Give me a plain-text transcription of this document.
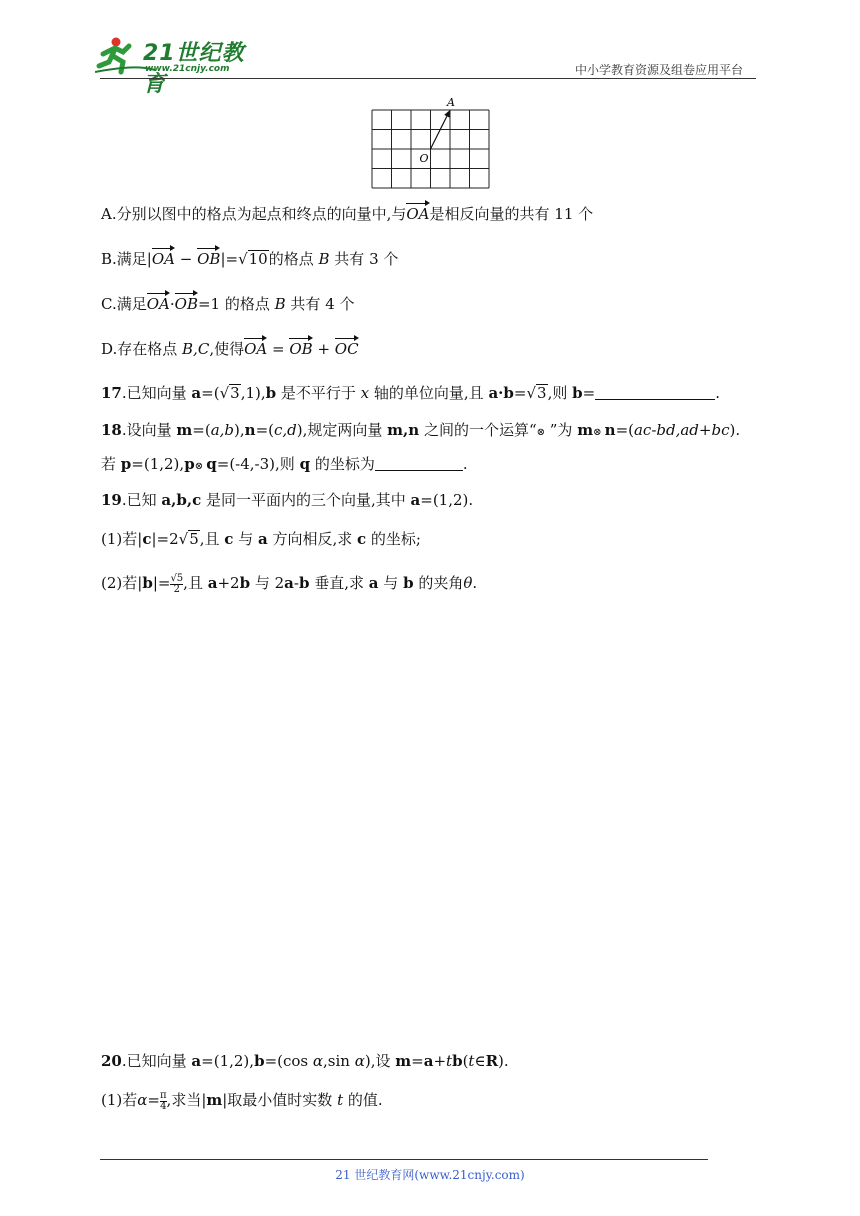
21世纪教育
www.21cnjy.com	中小学教育资源及组卷应用平台
A
O
A.分别以图中的格点为起点和终点的向量中,与OA是相反向量的共有 11 个
B.满足|OA − OB|=√10的格点 B 共有 3 个
C.满足OA·OB=1 的格点 B 共有 4 个
D.存在格点 B,C,使得OA = OB + OC
17.已知向量 a=(√3,1),b 是不平行于 x 轴的单位向量,且 a·b=√3,则 b=	.
18.设向量 m=(a,b),n=(c,d),规定两向量 m,n 之间的一个运算“⊗ ”为 m⊗ n=(ac-bd,ad+bc).
若 p=(1,2),p⊗ q=(-4,-3),则 q 的坐标为	.
19.已知 a,b,c 是同一平面内的三个向量,其中 a=(1,2).
(1)若|c|=2√5,且 c 与 a 方向相反,求 c 的坐标;
(2)若$|b|= \frac{√5}{2}$ ,且 a+2b 与 2a-b 垂直,求 a 与 b 的夹角θ.
20.已知向量 a=(1,2),b=(cos α,sin α),设 m=a+tb(t∈R).
(1)若$\alpha= \frac{\pi}{4}$ ,求当|m|取最小值时实数 t 的值.
21 世纪教育网(www.21cnjy.com)
